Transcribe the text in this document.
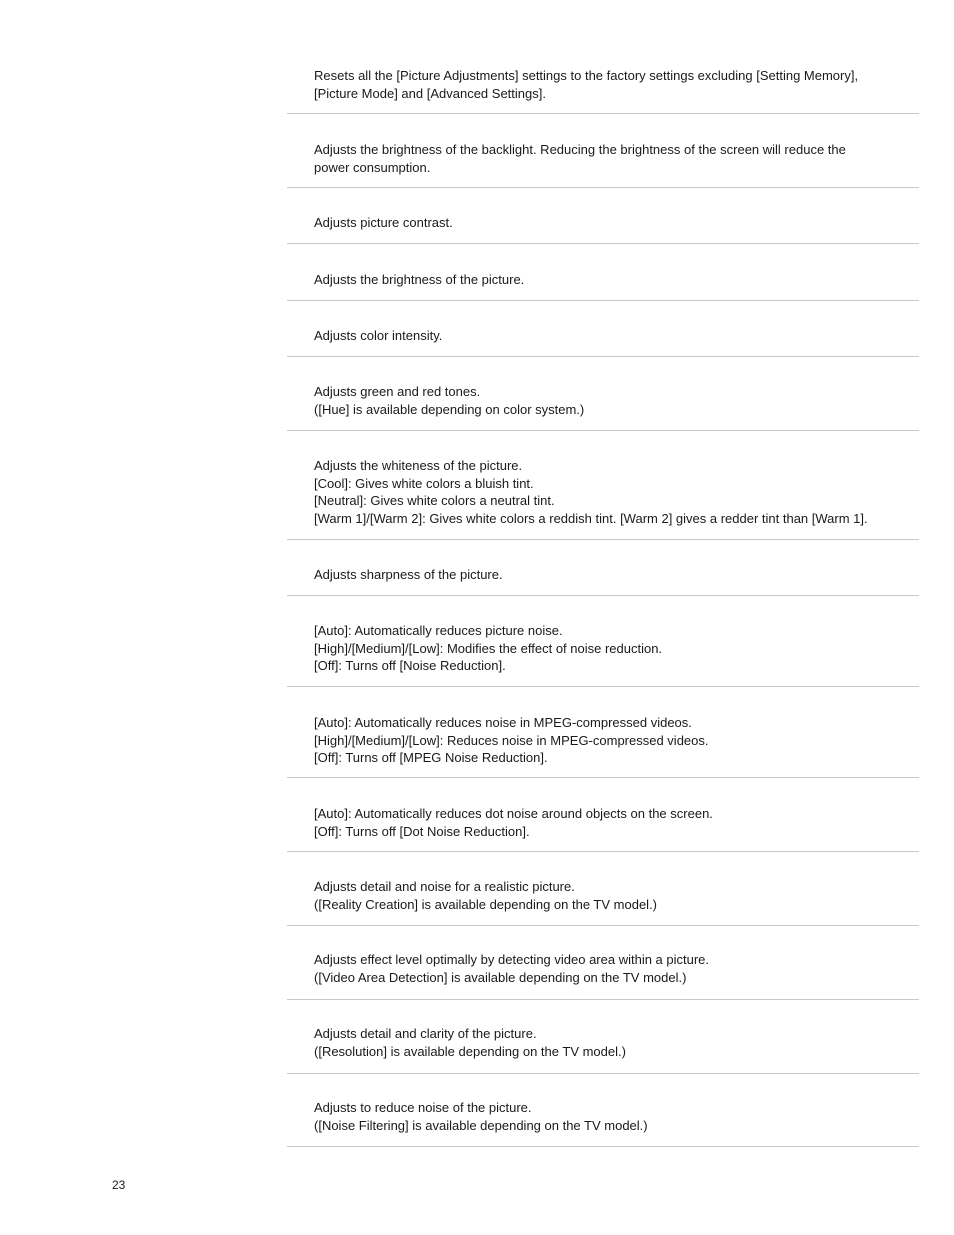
Resets all the [Picture Adjustments] settings to the factory settings excluding [Setting Memory],
[Picture Mode] and [Advanced Settings].
Adjusts the brightness of the backlight. Reducing the brightness of the screen will reduce the
power consumption.
Adjusts picture contrast.
Adjusts the brightness of the picture.
Adjusts color intensity.
Adjusts green and red tones.
([Hue] is available depending on color system.)
Adjusts the whiteness of the picture.
[Cool]: Gives white colors a bluish tint.
[Neutral]: Gives white colors a neutral tint.
[Warm 1]/[Warm 2]: Gives white colors a reddish tint. [Warm 2] gives a redder tint than [Warm 1].
Adjusts sharpness of the picture.
[Auto]: Automatically reduces picture noise.
[High]/[Medium]/[Low]: Modifies the effect of noise reduction.
[Off]: Turns off [Noise Reduction].
[Auto]: Automatically reduces noise in MPEG-compressed videos.
[High]/[Medium]/[Low]: Reduces noise in MPEG-compressed videos.
[Off]: Turns off [MPEG Noise Reduction].
[Auto]: Automatically reduces dot noise around objects on the screen.
[Off]: Turns off [Dot Noise Reduction].
Adjusts detail and noise for a realistic picture.
([Reality Creation] is available depending on the TV model.)
Adjusts effect level optimally by detecting video area within a picture.
([Video Area Detection] is available depending on the TV model.)
Adjusts detail and clarity of the picture.
([Resolution] is available depending on the TV model.)
Adjusts to reduce noise of the picture.
([Noise Filtering] is available depending on the TV model.)
23
